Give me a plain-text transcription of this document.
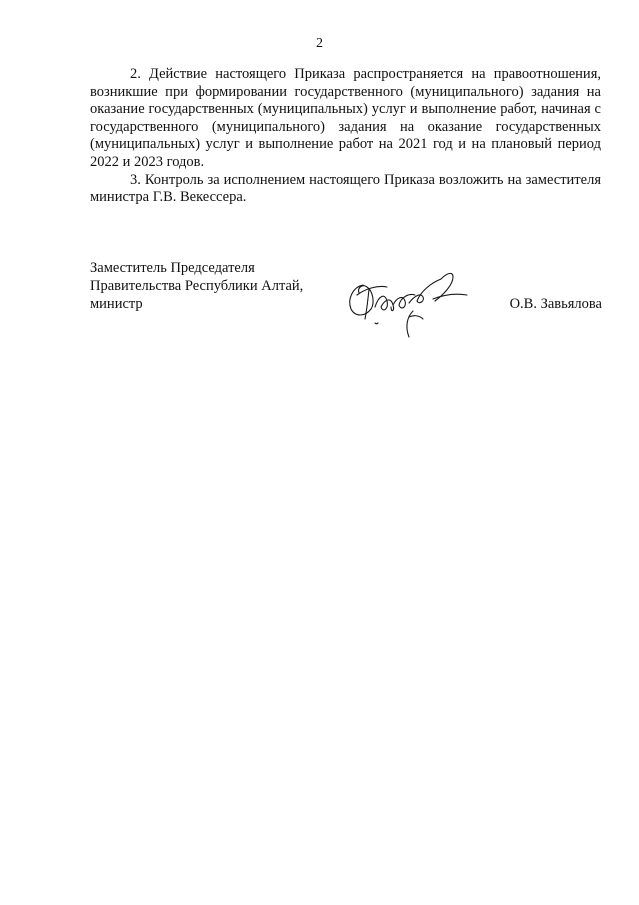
2

2. Действие настоящего Приказа распространяется на правоотношения, возникшие при формировании государственного (муниципального) задания на оказание государственных (муниципальных) услуг и выполнение работ, начиная с государственного (муниципального) задания на оказание государственных (муниципальных) услуг и выполнение работ на 2021 год и на плановый период 2022 и 2023 годов.

3. Контроль за исполнением настоящего Приказа возложить на заместителя министра Г.В. Векессера.

Заместитель Председателя
Правительства Республики Алтай,
министр	О.В. Завьялова
